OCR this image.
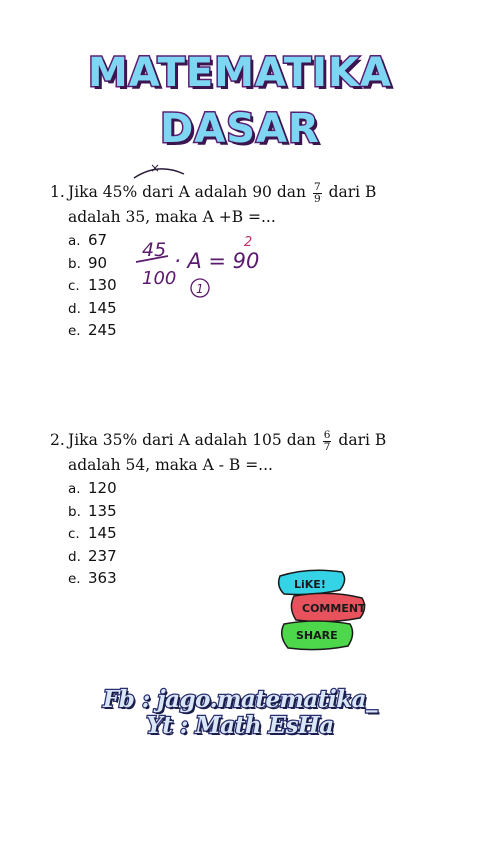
MATEMATIKA
DASAR
1. Jika 45% dari A adalah 90 dan $\frac{7}{9}$ dari B
adalah 35, maka A +B =...
a. 67
b. 90
c. 130
d. 145
e. 245
×
45
100
· A = 90
2
1
2. Jika 35% dari A adalah 105 dan $\frac{6}{7}$ dari B
adalah 54, maka A - B =...
a. 120
b. 135
c. 145
d. 237
e. 363	LiKE!
COMMENT
SHARE
Fb : jago.matematika_
Yt : Math EsHa
